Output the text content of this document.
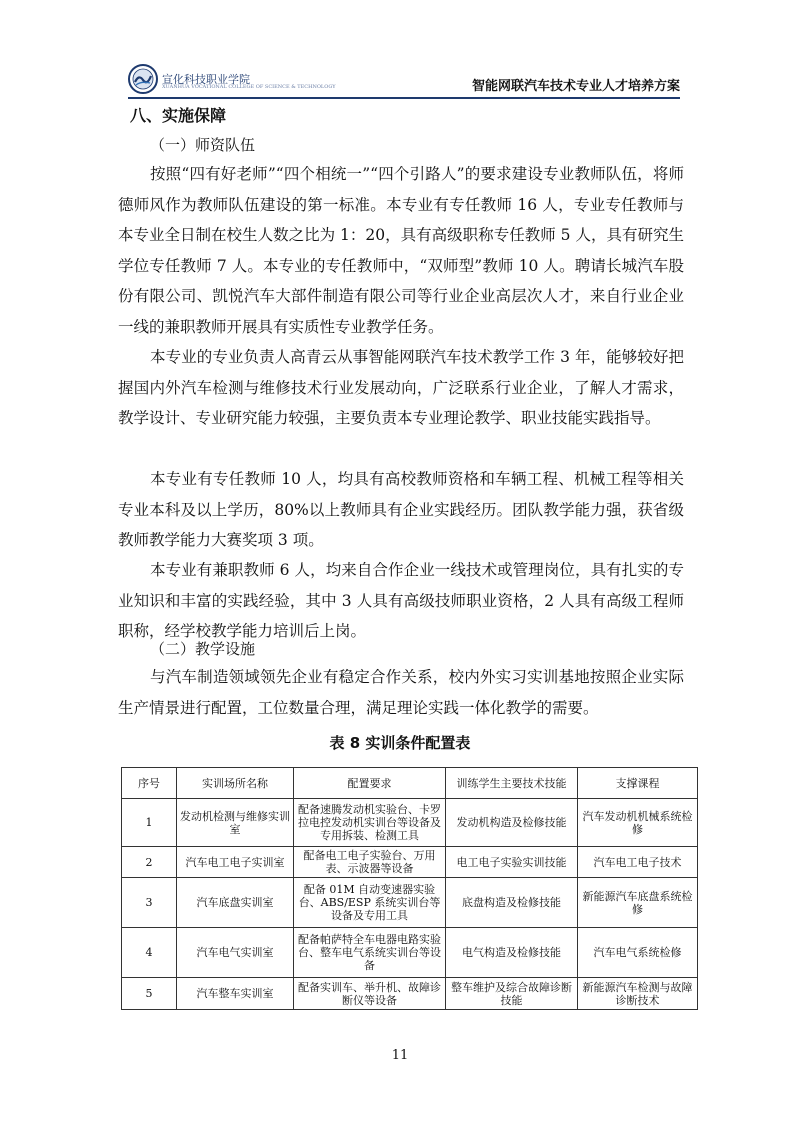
宣化科技职业学院
XUANHUA VOCATIONAL COLLEGE OF SCIENCE & TECHNOLOGY	智能网联汽车技术专业人才培养方案
八、实施保障
（一）师资队伍

按照“四有好老师”“四个相统一”“四个引路人”的要求建设专业教师队伍，将师德师风作为教师队伍建设的第一标准。本专业有专任教师 16 人，专业专任教师与本专业全日制在校生人数之比为 1：20，具有高级职称专任教师 5 人，具有研究生学位专任教师 7 人。本专业的专任教师中，“双师型”教师 10 人。聘请长城汽车股份有限公司、凯悦汽车大部件制造有限公司等行业企业高层次人才，来自行业企业一线的兼职教师开展具有实质性专业教学任务。

本专业的专业负责人高青云从事智能网联汽车技术教学工作 3 年，能够较好把握国内外汽车检测与维修技术行业发展动向，广泛联系行业企业，了解人才需求，教学设计、专业研究能力较强，主要负责本专业理论教学、职业技能实践指导。

本专业有专任教师 10 人，均具有高校教师资格和车辆工程、机械工程等相关专业本科及以上学历，80%以上教师具有企业实践经历。团队教学能力强，获省级教师教学能力大赛奖项 3 项。

本专业有兼职教师 6 人，均来自合作企业一线技术或管理岗位，具有扎实的专业知识和丰富的实践经验，其中 3 人具有高级技师职业资格，2 人具有高级工程师职称，经学校教学能力培训后上岗。

（二）教学设施

与汽车制造领域领先企业有稳定合作关系，校内外实习实训基地按照企业实际生产情景进行配置，工位数量合理，满足理论实践一体化教学的需要。

表 8 实训条件配置表
序号	实训场所名称	配置要求	训练学生主要技术技能	支撑课程
1	发动机检测与维修实训室	配备速腾发动机实验台、卡罗拉电控发动机实训台等设备及专用拆装、检测工具	发动机构造及检修技能	汽车发动机机械系统检修
2	汽车电工电子实训室	配备电工电子实验台、万用表、示波器等设备	电工电子实验实训技能	汽车电工电子技术
3	汽车底盘实训室	配备 01M 自动变速器实验台、ABS/ESP 系统实训台等设备及专用工具	底盘构造及检修技能	新能源汽车底盘系统检修
4	汽车电气实训室	配备帕萨特全车电器电路实验台、整车电气系统实训台等设备	电气构造及检修技能	汽车电气系统检修
5	汽车整车实训室	配备实训车、举升机、故障诊断仪等设备	整车维护及综合故障诊断技能	新能源汽车检测与故障诊断技术
11
